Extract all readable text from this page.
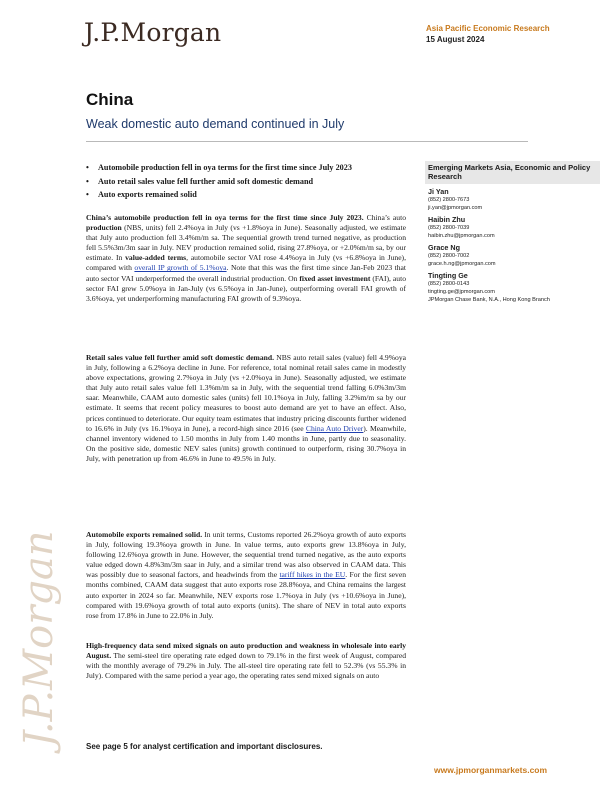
J.P.Morgan	Asia Pacific Economic Research
15 August 2024
China
Weak domestic auto demand continued in July
•	Automobile production fell in oya terms for the first time since July 2023
•	Auto retail sales value fell further amid soft domestic demand
•	Auto exports remained solid

China’s automobile production fell in oya terms for the first time since July 2023. China’s auto production (NBS, units) fell 2.4%oya in July (vs +1.8%oya in June). Seasonally adjusted, we estimate that July auto production fell 3.4%m/m sa. The sequential growth trend turned negative, as production fell 5.5%3m/3m saar in July. NEV production remained solid, rising 27.8%oya, or +2.0%m/m sa, by our estimate. In value-added terms, automobile sector VAI rose 4.4%oya in July (vs +6.8%oya in June), compared with overall IP growth of 5.1%oya. Note that this was the first time since Jan-Feb 2023 that auto sector VAI underperformed the overall industrial production. On fixed asset investment (FAI), auto sector FAI grew 5.0%oya in Jan-July (vs 6.5%oya in Jan-June), outperforming overall FAI growth of 3.6%oya, yet underperforming manufacturing FAI growth of 9.3%oya.

Retail sales value fell further amid soft domestic demand. NBS auto retail sales (value) fell 4.9%oya in July, following a 6.2%oya decline in June. For reference, total nominal retail sales came in modestly above expectations, growing 2.7%oya in July (vs +2.0%oya in June). Seasonally adjusted, we estimate that July auto retail sales value fell 1.3%m/m sa in July, with the sequential trend falling 6.0%3m/3m saar. Meanwhile, CAAM auto domestic sales (units) fell 10.1%oya in July, falling 3.2%m/m sa by our estimate. It seems that recent policy measures to boost auto demand are yet to have an effect. Also, prices continued to deteriorate. Our equity team estimates that industry pricing discounts further widened to 16.6% in July (vs 16.1%oya in June), a record-high since 2016 (see China Auto Driver). Meanwhile, channel inventory widened to 1.50 months in July from 1.40 months in June, partly due to seasonality. On the positive side, domestic NEV sales (units) growth continued to outperform, rising 30.7%oya in July, with penetration up from 46.6% in June to 49.5% in July.

Automobile exports remained solid. In unit terms, Customs reported 26.2%oya growth of auto exports in July, following 19.3%oya growth in June. In value terms, auto exports grew 13.8%oya in July, following 12.6%oya growth in June. However, the sequential trend turned negative, as the auto exports value edged down 4.8%3m/3m saar in July, and a similar trend was also observed in CAAM data. This was possibly due to seasonal factors, and headwinds from the tariff hikes in the EU. For the first seven months combined, CAAM data suggest that auto exports rose 28.8%oya, and China remains the largest auto exporter in 2024 so far. Meanwhile, NEV exports rose 1.7%oya in July (vs +10.6%oya in June), compared with 19.6%oya growth of total auto exports (units). The share of NEV in total auto exports rose from 17.8% in June to 22.0% in July.

High-frequency data send mixed signals on auto production and weakness in wholesale into early August. The semi-steel tire operating rate edged down to 79.1% in the first week of August, compared with the monthly average of 79.2% in July. The all-steel tire operating rate fell to 52.3% (vs 55.3% in July). Compared with the same period a year ago, the operating rates send mixed signals on auto

Emerging Markets Asia, Economic and Policy Research
Ji Yan
(852) 2800-7673
ji.yan@jpmorgan.com
Haibin Zhu
(852) 2800-7039
haibin.zhu@jpmorgan.com
Grace Ng
(852) 2800-7002
grace.h.ng@jpmorgan.com
Tingting Ge
(852) 2800-0143
tingting.ge@jpmorgan.com
JPMorgan Chase Bank, N.A., Hong Kong Branch
J.P.Morgan	See page 5 for analyst certification and important disclosures.
www.jpmorganmarkets.com
